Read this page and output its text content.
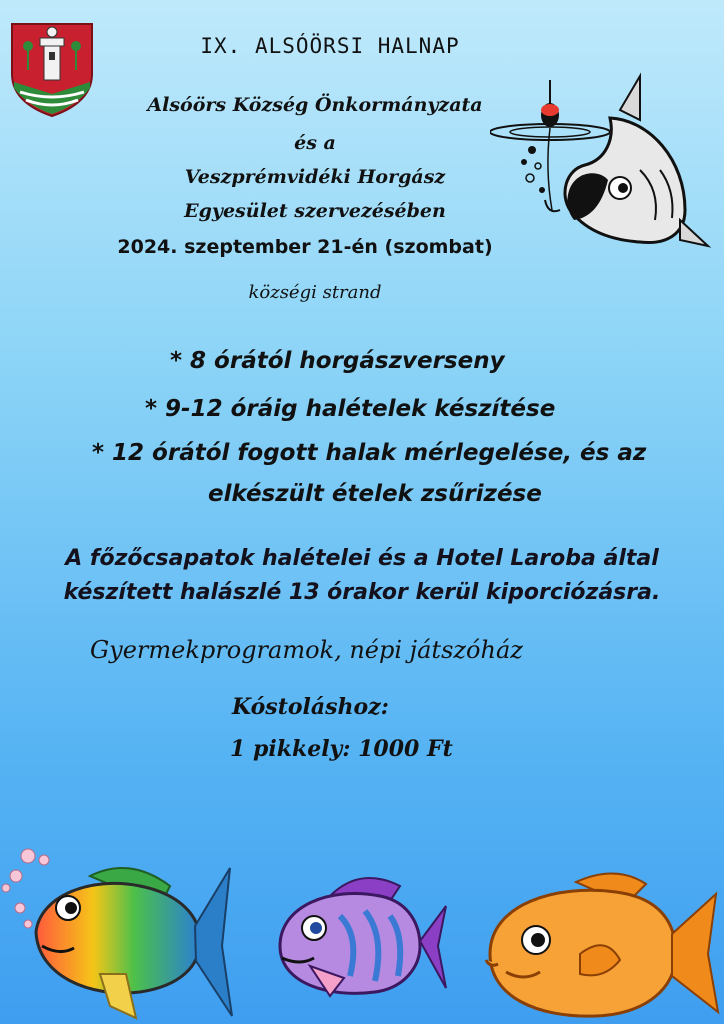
IX. ALSÓÖRSI HALNAP
Alsóörs Község Önkormányzata
és a
Veszprémvidéki Horgász
Egyesület szervezésében
2024. szeptember 21-én (szombat)
községi strand
* 8 órától horgászverseny
* 9-12 óráig halételek készítése
* 12 órától fogott halak mérlegelése, és az
elkészült ételek zsűrizése
A főzőcsapatok halételei és a Hotel Laroba által
készített halászlé 13 órakor kerül kiporciózásra.
Gyermekprogramok, népi játszóház
Kóstoláshoz:
1 pikkely: 1000 Ft
